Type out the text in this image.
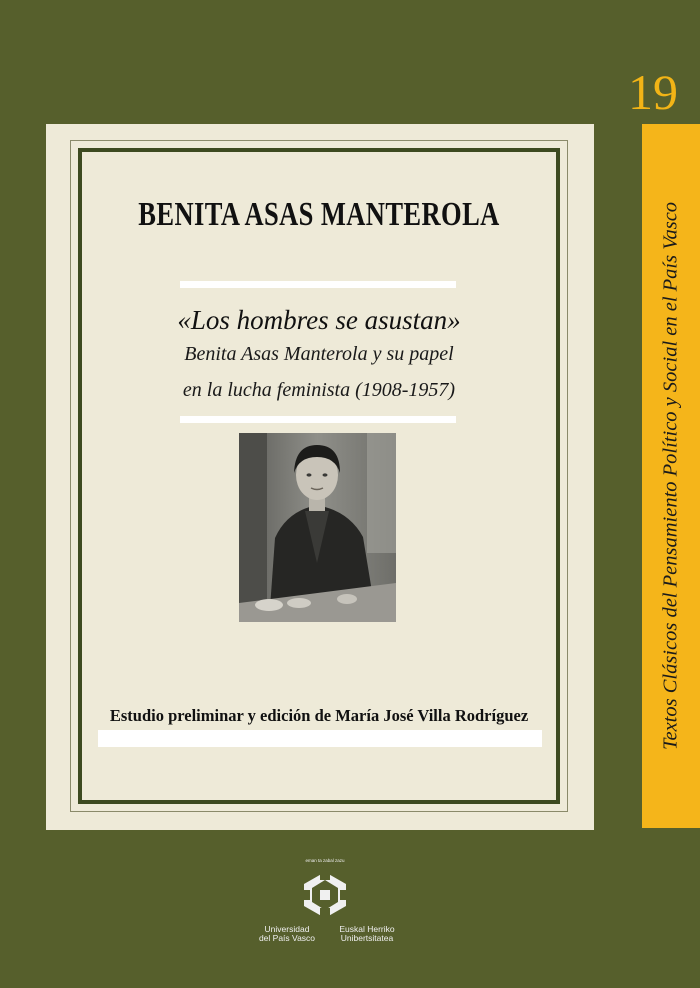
19
Textos Clásicos del Pensamiento Político y Social en el País Vasco
BENITA ASAS MANTEROLA
«Los hombres se asustan»
Benita Asas Manterola y su papel
en la lucha feminista (1908-1957)
Estudio preliminar y edición de María José Villa Rodríguez
eman ta zabal zazu
Universidad
del País Vasco
Euskal Herriko
Unibertsitatea
